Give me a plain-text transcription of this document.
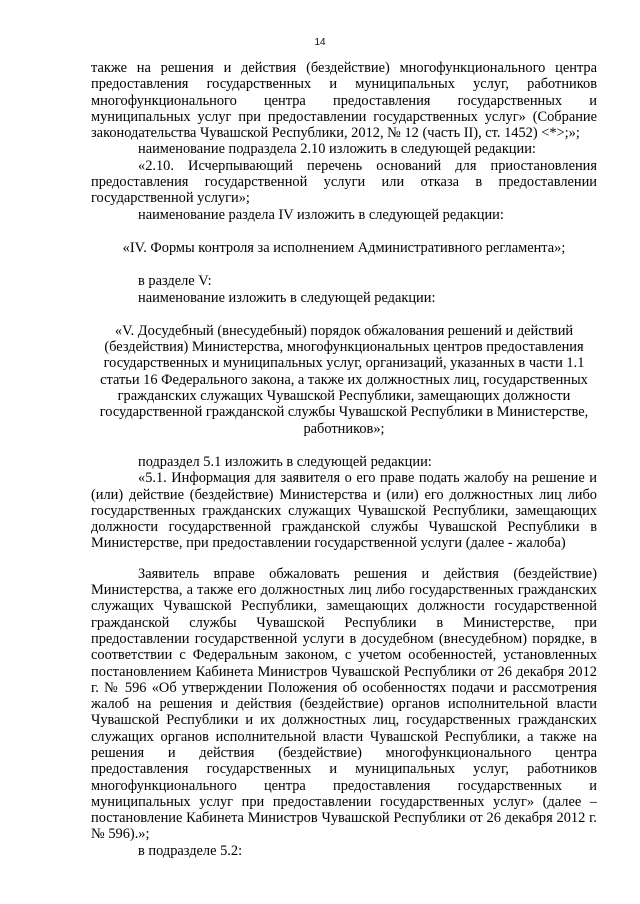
14

также на решения и действия (бездействие) многофункционального центра предоставления государственных и муниципальных услуг, работников многофункционального центра предоставления государственных и муниципальных услуг при предоставлении государственных услуг» (Собрание законодательства Чувашской Республики, 2012, № 12 (часть II), ст. 1452) <*>;»;

наименование подраздела 2.10 изложить в следующей редакции:

«2.10. Исчерпывающий перечень оснований для приостановления предоставления государственной услуги или отказа в предоставлении государственной услуги»;

наименование раздела IV изложить в следующей редакции:

«IV. Формы контроля за исполнением Административного регламента»;

в разделе V:

наименование изложить в следующей редакции:

«V. Досудебный (внесудебный) порядок обжалования решений и действий (бездействия) Министерства, многофункциональных центров предоставления государственных и муниципальных услуг, организаций, указанных в части 1.1 статьи 16 Федерального закона, а также их должностных лиц, государственных гражданских служащих Чувашской Республики, замещающих должности государственной гражданской службы Чувашской Республики в Министерстве, работников»;

подраздел 5.1 изложить в следующей редакции:

«5.1. Информация для заявителя о его праве подать жалобу на решение и (или) действие (бездействие) Министерства и (или) его должностных лиц либо государственных гражданских служащих Чувашской Республики, замещающих должности государственной гражданской службы Чувашской Республики в Министерстве, при предоставлении государственной услуги (далее - жалоба)

Заявитель вправе обжаловать решения и действия (бездействие) Министерства, а также его должностных лиц либо государственных гражданских служащих Чувашской Республики, замещающих должности государственной гражданской службы Чувашской Республики в Министерстве, при предоставлении государственной услуги в досудебном (внесудебном) порядке, в соответствии с Федеральным законом, с учетом особенностей, установленных постановлением Кабинета Министров Чувашской Республики от 26 декабря 2012 г. № 596 «Об утверждении Положения об особенностях подачи и рассмотрения жалоб на решения и действия (бездействие) органов исполнительной власти Чувашской Республики и их должностных лиц, государственных гражданских служащих органов исполнительной власти Чувашской Республики, а также на решения и действия (бездействие) многофункционального центра предоставления государственных и муниципальных услуг, работников многофункционального центра предоставления государственных и муниципальных услуг при предоставлении государственных услуг» (далее – постановление Кабинета Министров Чувашской Республики от 26 декабря 2012 г. № 596).»;

в подразделе 5.2:
